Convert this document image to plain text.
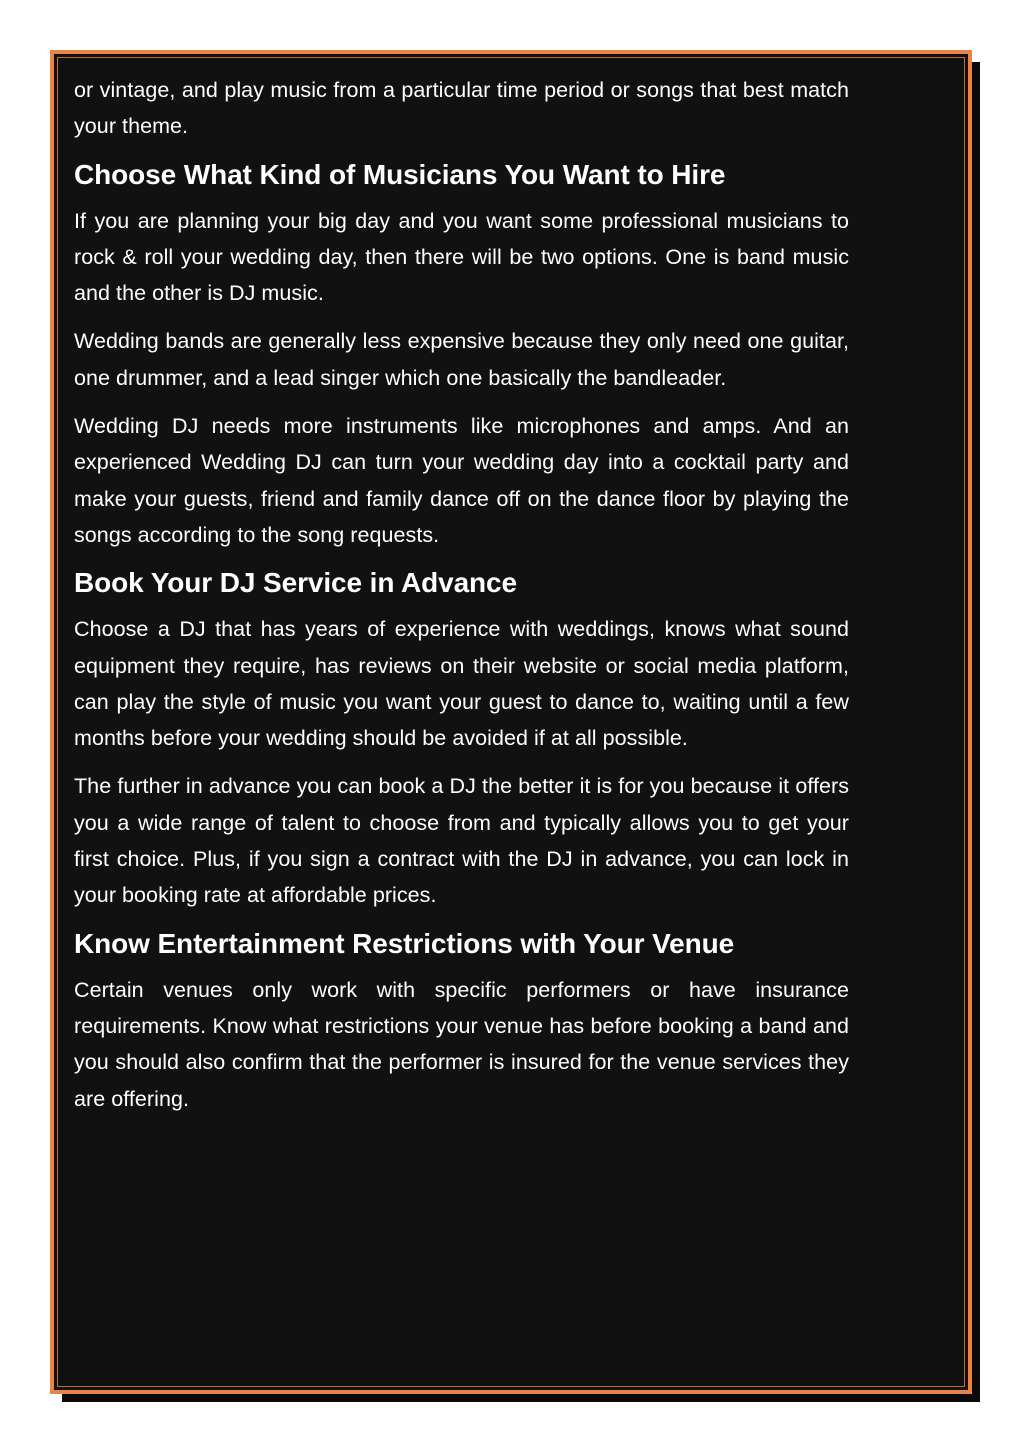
or vintage, and play music from a particular time period or songs that best match your theme.

Choose What Kind of Musicians You Want to Hire

If you are planning your big day and you want some professional musicians to rock & roll your wedding day, then there will be two options. One is band music and the other is DJ music.

Wedding bands are generally less expensive because they only need one guitar, one drummer, and a lead singer which one basically the bandleader.

Wedding DJ needs more instruments like microphones and amps. And an experienced Wedding DJ can turn your wedding day into a cocktail party and make your guests, friend and family dance off on the dance floor by playing the songs according to the song requests.

Book Your DJ Service in Advance

Choose a DJ that has years of experience with weddings, knows what sound equipment they require, has reviews on their website or social media platform, can play the style of music you want your guest to dance to, waiting until a few months before your wedding should be avoided if at all possible.

The further in advance you can book a DJ the better it is for you because it offers you a wide range of talent to choose from and typically allows you to get your first choice. Plus, if you sign a contract with the DJ in advance, you can lock in your booking rate at affordable prices.

Know Entertainment Restrictions with Your Venue

Certain venues only work with specific performers or have insurance requirements. Know what restrictions your venue has before booking a band and you should also confirm that the performer is insured for the venue services they are offering.
